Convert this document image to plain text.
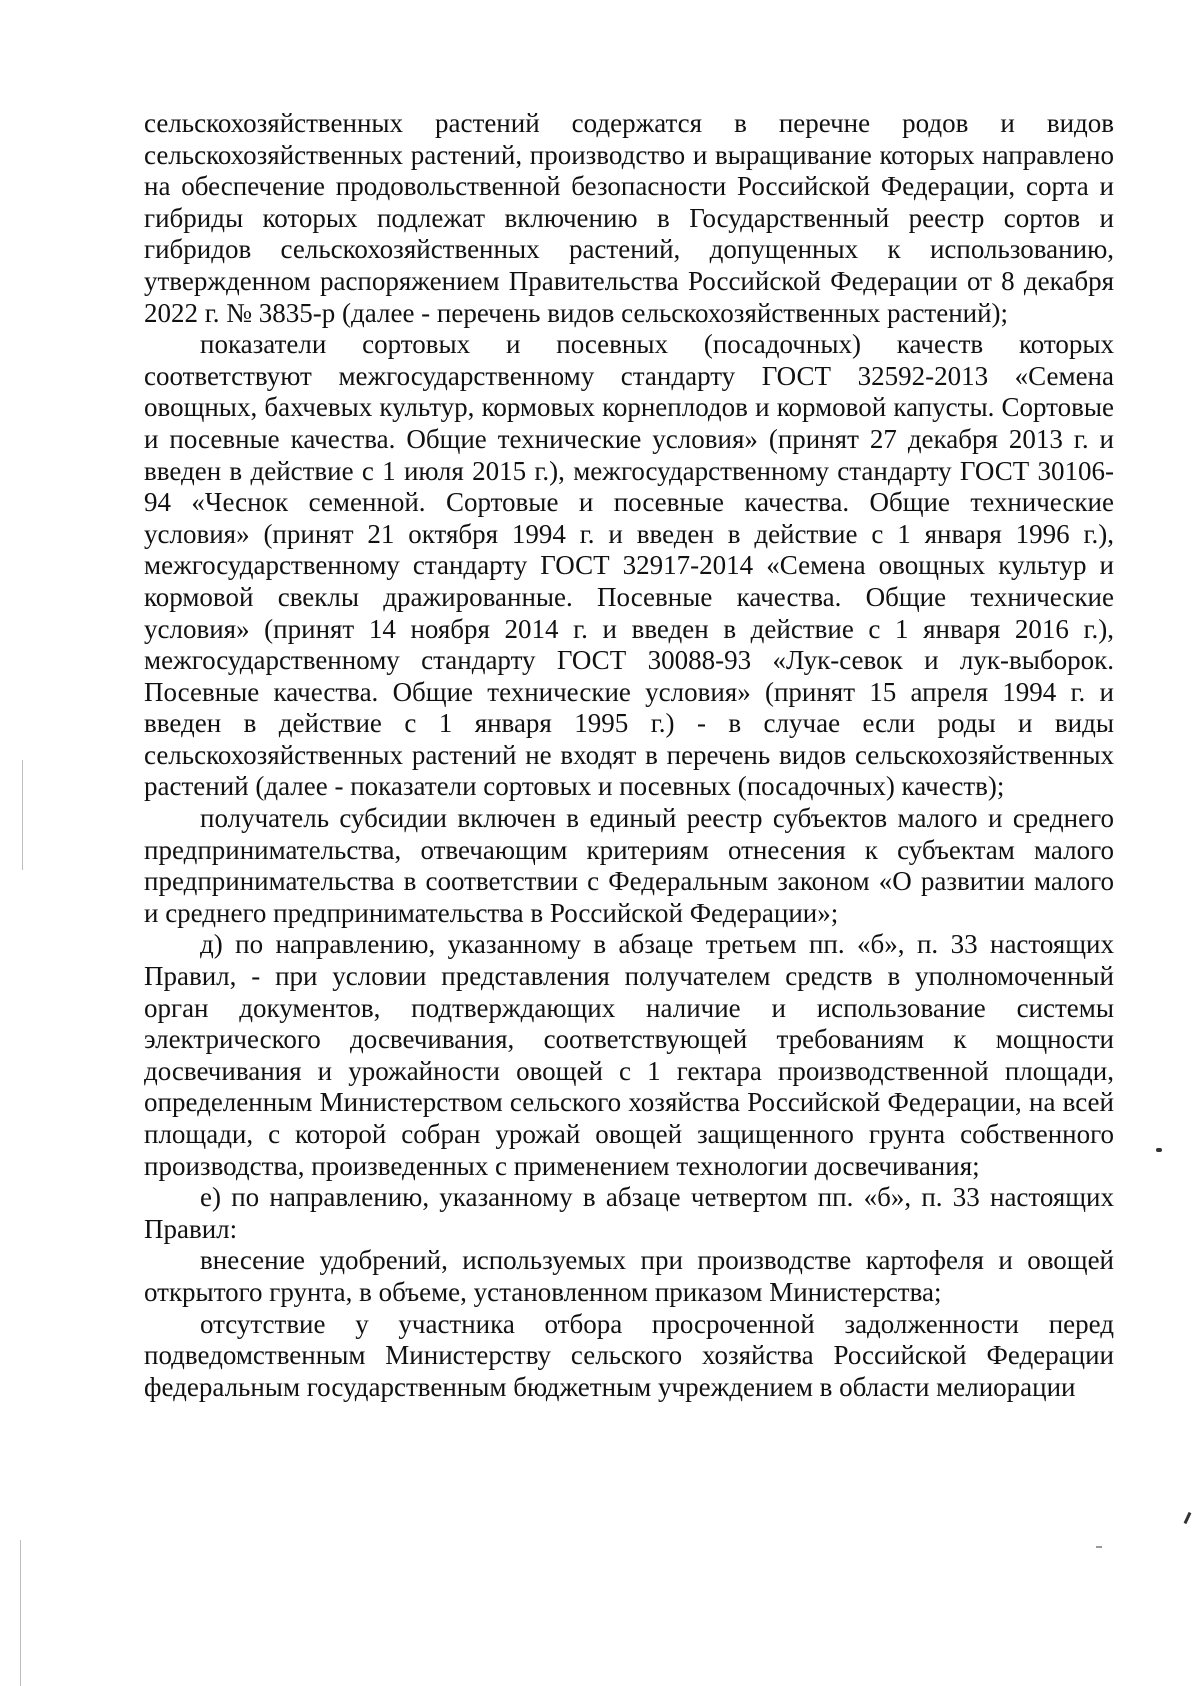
сельскохозяйственных растений содержатся в перечне родов и видов сельскохозяйственных растений, производство и выращивание которых направлено на обеспечение продовольственной безопасности Российской Федерации, сорта и гибриды которых подлежат включению в Государственный реестр сортов и гибридов сельскохозяйственных растений, допущенных к использованию, утвержденном распоряжением Правительства Российской Федерации от 8 декабря 2022 г. № 3835-р (далее - перечень видов сельскохозяйственных растений);

показатели сортовых и посевных (посадочных) качеств которых соответствуют межгосударственному стандарту ГОСТ 32592-2013 «Семена овощных, бахчевых культур, кормовых корнеплодов и кормовой капусты. Сортовые и посевные качества. Общие технические условия» (принят 27 декабря 2013 г. и введен в действие с 1 июля 2015 г.), межгосударственному стандарту ГОСТ 30106-94 «Чеснок семенной. Сортовые и посевные качества. Общие технические условия» (принят 21 октября 1994 г. и введен в действие с 1 января 1996 г.), межгосударственному стандарту ГОСТ 32917-2014 «Семена овощных культур и кормовой свеклы дражированные. Посевные качества. Общие технические условия» (принят 14 ноября 2014 г. и введен в действие с 1 января 2016 г.), межгосударственному стандарту ГОСТ 30088-93 «Лук-севок и лук-выборок. Посевные качества. Общие технические условия» (принят 15 апреля 1994 г. и введен в действие с 1 января 1995 г.) - в случае если роды и виды сельскохозяйственных растений не входят в перечень видов сельскохозяйственных растений (далее - показатели сортовых и посевных (посадочных) качеств);

получатель субсидии включен в единый реестр субъектов малого и среднего предпринимательства, отвечающим критериям отнесения к субъектам малого предпринимательства в соответствии с Федеральным законом «О развитии малого и среднего предпринимательства в Российской Федерации»;

д) по направлению, указанному в абзаце третьем пп. «б», п. 33 настоящих Правил, - при условии представления получателем средств в уполномоченный орган документов, подтверждающих наличие и использование системы электрического досвечивания, соответствующей требованиям к мощности досвечивания и урожайности овощей с 1 гектара производственной площади, определенным Министерством сельского хозяйства Российской Федерации, на всей площади, с которой собран урожай овощей защищенного грунта собственного производства, произведенных с применением технологии досвечивания;

е) по направлению, указанному в абзаце четвертом пп. «б», п. 33 настоящих Правил:

внесение удобрений, используемых при производстве картофеля и овощей открытого грунта, в объеме, установленном приказом Министерства;

отсутствие у участника отбора просроченной задолженности перед подведомственным Министерству сельского хозяйства Российской Федерации федеральным государственным бюджетным учреждением в области мелиорации
